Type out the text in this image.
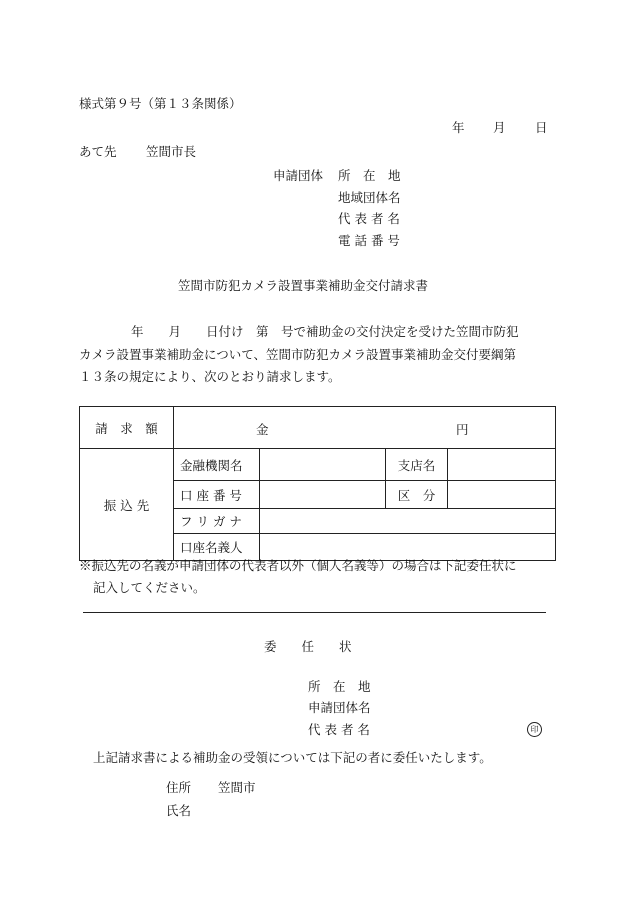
様式第９号（第１３条関係）
年 月 日
あて先 笠間市長
申請団体 所　在　地
地域団体名
代 表 者 名
電 話 番 号
笠間市防犯カメラ設置事業補助金交付請求書
年　　月　　日付け　第　号で補助金の交付決定を受けた笠間市防犯
カメラ設置事業補助金について、笠間市防犯カメラ設置事業補助金交付要綱第
１３条の規定により、次のとおり請求します。
請　求　額	金 円			

振 込 先	金融機関名		支店名	
	口 座 番 号		区　分	
	フ リ ガ ナ			
	口座名義人			
※振込先の名義が申請団体の代表者以外（個人名義等）の場合は下記委任状に
記入してください。
委　　任　　状
所　在　地
申請団体名
代 表 者 名	印
上記請求書による補助金の受領については下記の者に委任いたします。
住所 笠間市
氏名
